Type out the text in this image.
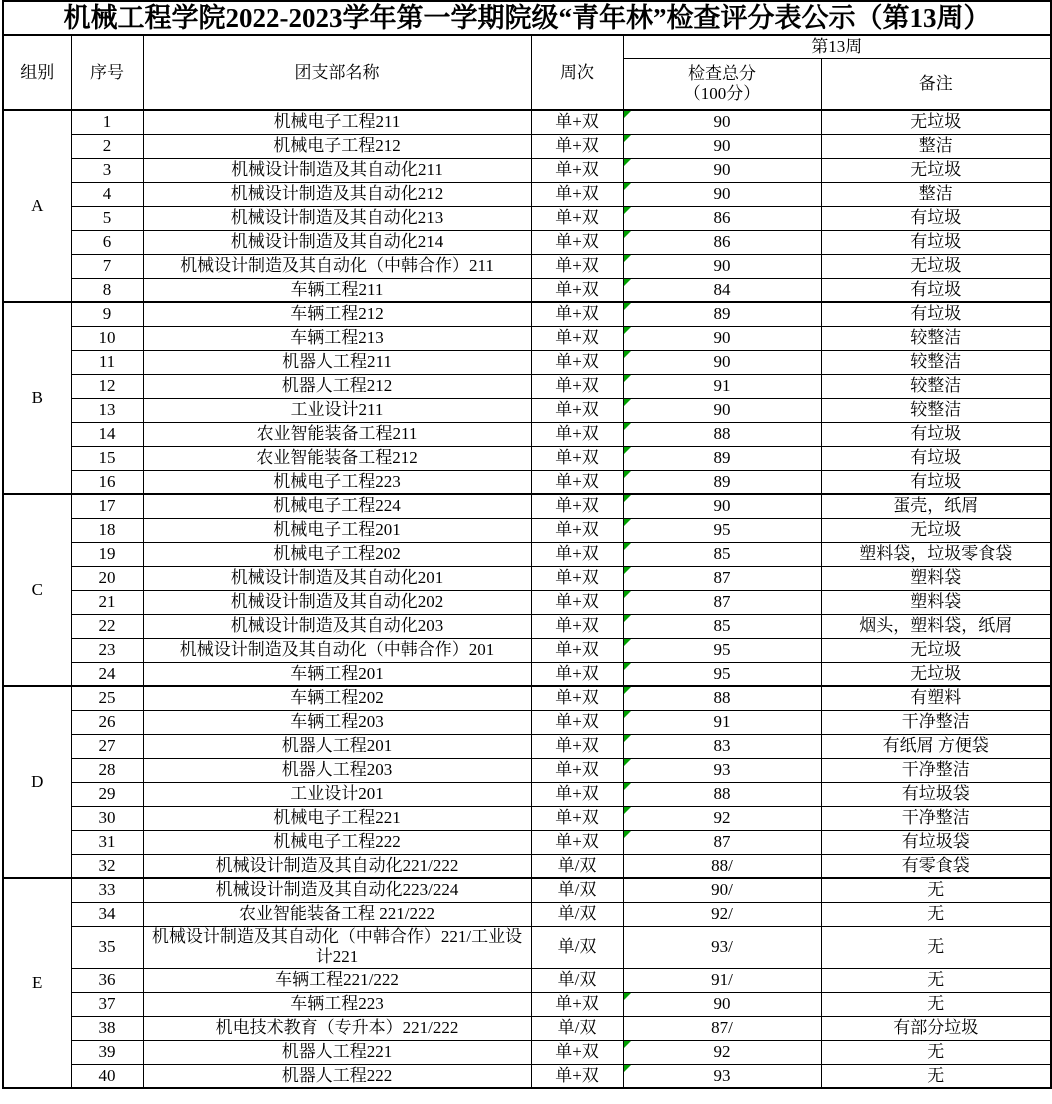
机械工程学院2022-2023学年第一学期院级“青年林”检查评分表公示（第13周）					
组别	序号	团支部名称	周次	第13周	

				检查总分
（100分）	备注
A	1	机械电子工程211	单+双	90	无垃圾
	2	机械电子工程212	单+双	90	整洁
	3	机械设计制造及其自动化211	单+双	90	无垃圾
	4	机械设计制造及其自动化212	单+双	90	整洁
	5	机械设计制造及其自动化213	单+双	86	有垃圾
	6	机械设计制造及其自动化214	单+双	86	有垃圾
	7	机械设计制造及其自动化（中韩合作）211	单+双	90	无垃圾
	8	车辆工程211	单+双	84	有垃圾
B	9	车辆工程212	单+双	89	有垃圾
	10	车辆工程213	单+双	90	较整洁
	11	机器人工程211	单+双	90	较整洁
	12	机器人工程212	单+双	91	较整洁
	13	工业设计211	单+双	90	较整洁
	14	农业智能装备工程211	单+双	88	有垃圾
	15	农业智能装备工程212	单+双	89	有垃圾
	16	机械电子工程223	单+双	89	有垃圾
C	17	机械电子工程224	单+双	90	蛋壳，纸屑
	18	机械电子工程201	单+双	95	无垃圾
	19	机械电子工程202	单+双	85	塑料袋，垃圾零食袋
	20	机械设计制造及其自动化201	单+双	87	塑料袋
	21	机械设计制造及其自动化202	单+双	87	塑料袋
	22	机械设计制造及其自动化203	单+双	85	烟头，塑料袋，纸屑
	23	机械设计制造及其自动化（中韩合作）201	单+双	95	无垃圾
	24	车辆工程201	单+双	95	无垃圾
D	25	车辆工程202	单+双	88	有塑料
	26	车辆工程203	单+双	91	干净整洁
	27	机器人工程201	单+双	83	有纸屑 方便袋
	28	机器人工程203	单+双	93	干净整洁
	29	工业设计201	单+双	88	有垃圾袋
	30	机械电子工程221	单+双	92	干净整洁
	31	机械电子工程222	单+双	87	有垃圾袋
	32	机械设计制造及其自动化221/222	单/双	88/	有零食袋
E	33	机械设计制造及其自动化223/224	单/双	90/	无
	34	农业智能装备工程 221/222	单/双	92/	无
	35	机械设计制造及其自动化（中韩合作）221/工业设计221	单/双	93/	无
	36	车辆工程221/222	单/双	91/	无
	37	车辆工程223	单+双	90	无
	38	机电技术教育（专升本）221/222	单/双	87/	有部分垃圾
	39	机器人工程221	单+双	92	无
	40	机器人工程222	单+双	93	无
